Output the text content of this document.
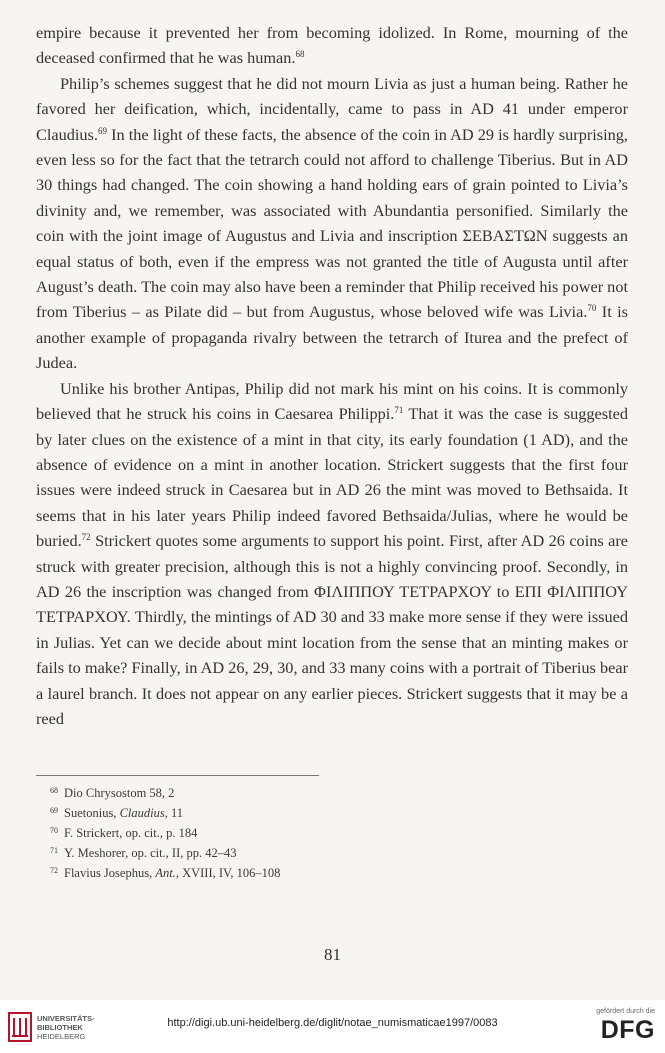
empire because it prevented her from becoming idolized. In Rome, mourning of the deceased confirmed that he was human.$^{68}$

Philip’s schemes suggest that he did not mourn Livia as just a human being. Rather he favored her deification, which, incidentally, came to pass in AD 41 under emperor Claudius.$^{69}$ In the light of these facts, the absence of the coin in AD 29 is hardly surprising, even less so for the fact that the tetrarch could not afford to challenge Tiberius. But in AD 30 things had changed. The coin showing a hand holding ears of grain pointed to Livia’s divinity and, we remember, was associated with Abundantia personified. Similarly the coin with the joint image of Augustus and Livia and inscription ΣΕΒΑΣΤΩΝ suggests an equal status of both, even if the empress was not granted the title of Augusta until after August’s death. The coin may also have been a reminder that Philip received his power not from Tiberius – as Pilate did – but from Augustus, whose beloved wife was Livia.$^{70}$ It is another example of propaganda rivalry between the tetrarch of Iturea and the prefect of Judea.

Unlike his brother Antipas, Philip did not mark his mint on his coins. It is commonly believed that he struck his coins in Caesarea Philippi.$^{71}$ That it was the case is suggested by later clues on the existence of a mint in that city, its early foundation (1 AD), and the absence of evidence on a mint in another location. Strickert suggests that the first four issues were indeed struck in Caesarea but in AD 26 the mint was moved to Bethsaida. It seems that in his later years Philip indeed favored Bethsaida/Julias, where he would be buried.$^{72}$ Strickert quotes some arguments to support his point. First, after AD 26 coins are struck with greater precision, although this is not a highly convincing proof. Secondly, in AD 26 the inscription was changed from ΦΙΛΙΠΠΟΥ ΤΕΤΡΑΡΧΟΥ to ΕΠΙ ΦΙΛΙΠΠΟΥ ΤΕΤΡΑΡΧΟΥ. Thirdly, the mintings of AD 30 and 33 make more sense if they were issued in Julias. Yet can we decide about mint location from the sense that an minting makes or fails to make? Finally, in AD 26, 29, 30, and 33 many coins with a portrait of Tiberius bear a laurel branch. It does not appear on any earlier pieces. Strickert suggests that it may be a reed

$^{68}$ Dio Chrysostom 58, 2
$^{69}$ Suetonius, Claudius, 11
$^{70}$ F. Strickert, op. cit., p. 184
$^{71}$ Y. Meshorer, op. cit., II, pp. 42–43
$^{72}$ Flavius Josephus, Ant., XVIII, IV, 106–108
81
UNIVERSITÄTS-
BIBLIOTHEK
HEIDELBERG
http://digi.ub.uni-heidelberg.de/diglit/notae_numismaticae1997/0083
gefördert durch die
DFG
